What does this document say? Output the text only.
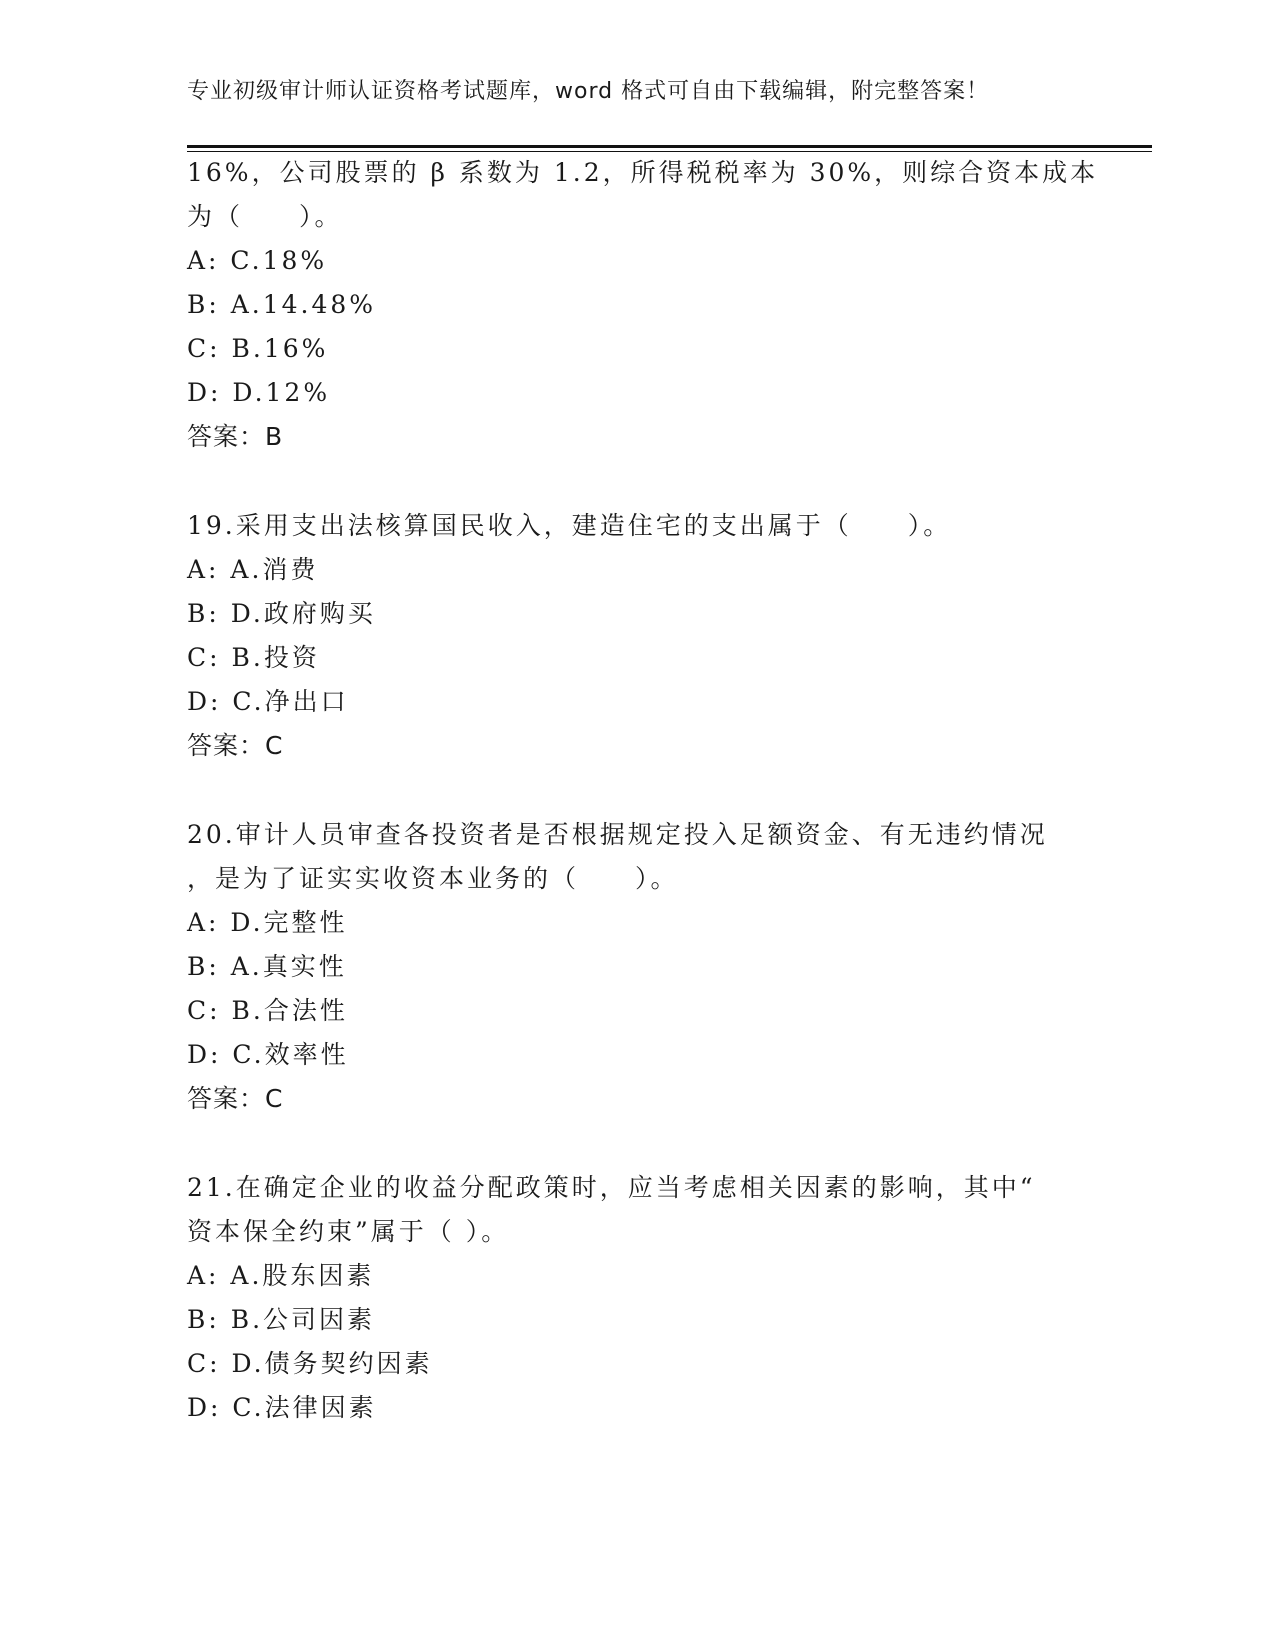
专业初级审计师认证资格考试题库，word 格式可自由下载编辑，附完整答案！
16%，公司股票的 β 系数为 1.2，所得税税率为 30%，则综合资本成本
为（　　）。
A: C.18%
B: A.14.48%
C: B.16%
D: D.12%
答案：B
19.采用支出法核算国民收入，建造住宅的支出属于（　　）。
A: A.消费
B: D.政府购买
C: B.投资
D: C.净出口
答案：C
20.审计人员审查各投资者是否根据规定投入足额资金、有无违约情况
，是为了证实实收资本业务的（　　）。
A: D.完整性
B: A.真实性
C: B.合法性
D: C.效率性
答案：C
21.在确定企业的收益分配政策时，应当考虑相关因素的影响，其中“
资本保全约束”属于（ ）。
A: A.股东因素
B: B.公司因素
C: D.债务契约因素
D: C.法律因素
